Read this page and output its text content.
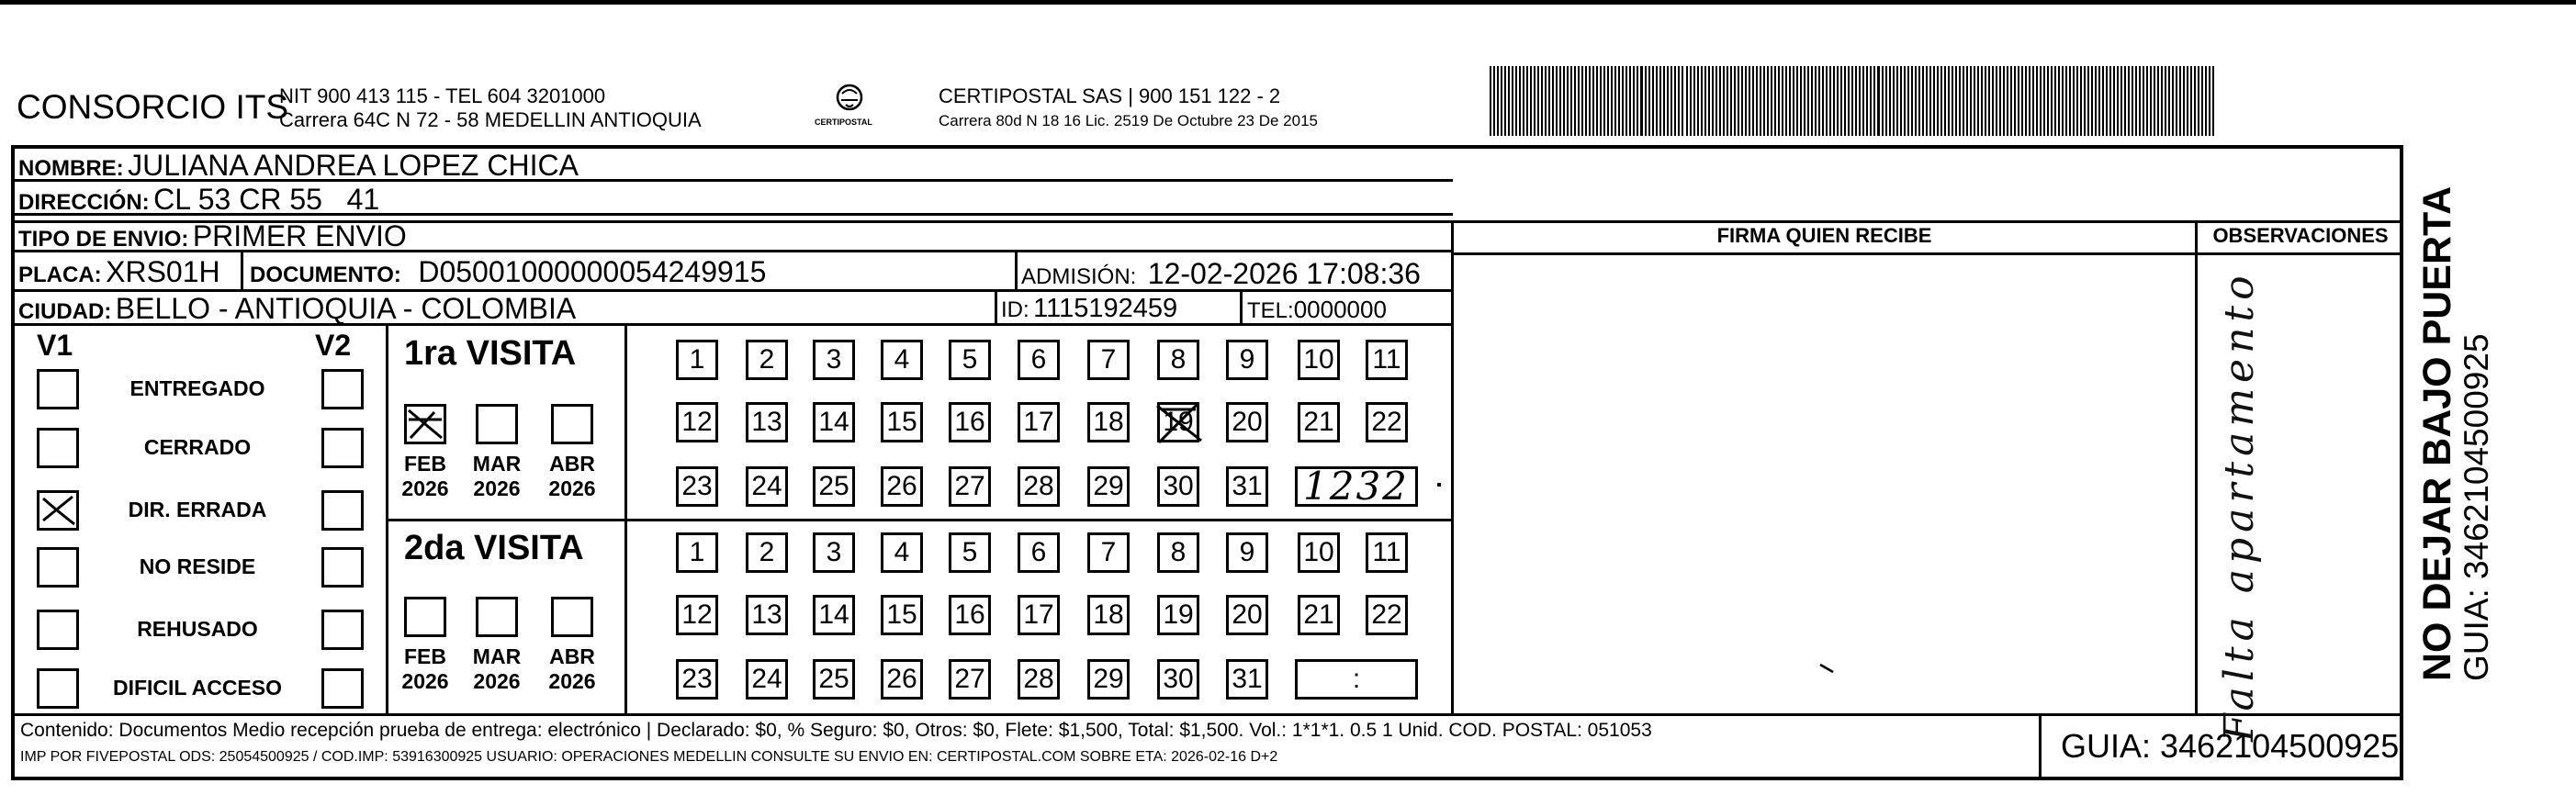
CONSORCIO ITS
NIT 900 413 115 - TEL 604 3201000
Carrera 64C N 72 - 58 MEDELLIN ANTIOQUIA	CERTIPOSTAL
CERTIPOSTAL SAS | 900 151 122 - 2
Carrera 80d N 18 16 Lic. 2519 De Octubre 23 De 2015
NOMBRE: JULIANA ANDREA LOPEZ CHICA
DIRECCIÓN: CL 53 CR 55   41
TIPO DE ENVIO: PRIMER ENVIO
PLACA: XRS01H DOCUMENTO: D05001000000054249915	ADMISIÓN: 12-02-2026 17:08:36
CIUDAD: BELLO - ANTIOQUIA - COLOMBIA	ID: 1115192459	TEL:0000000
FIRMA QUIEN RECIBE	OBSERVACIONES
Falta apartamento
V1	V2
ENTREGADO
CERRADO
DIR. ERRADA
NO RESIDE
REHUSADO
DIFICIL ACCESO
1ra VISITA
2da VISITA
FEB
2026
MAR
2026
ABR
2026
FEB
2026
MAR
2026
ABR
2026
1	2	3	4	5	6	7	8	9	10 11
12 13 14 15 16 17 18 19 20 21 22
23 24 25 26 27 28 29 30 31
1	2	3	4	5	6	7	8	9	10 11
12 13 14 15 16 17 18 19 20 21 22
23 24 25 26 27 28 29 30 31
1232
:
Contenido: Documentos Medio recepción prueba de entrega: electrónico | Declarado: $0, % Seguro: $0, Otros: $0, Flete: $1,500, Total: $1,500. Vol.: 1*1*1. 0.5 1 Unid. COD. POSTAL: 051053
IMP POR FIVEPOSTAL ODS: 25054500925 / COD.IMP: 53916300925 USUARIO: OPERACIONES MEDELLIN CONSULTE SU ENVIO EN: CERTIPOSTAL.COM SOBRE ETA: 2026-02-16 D+2	GUIA: 3462104500925
NO DEJAR BAJO PUERTA
GUIA: 3462104500925
